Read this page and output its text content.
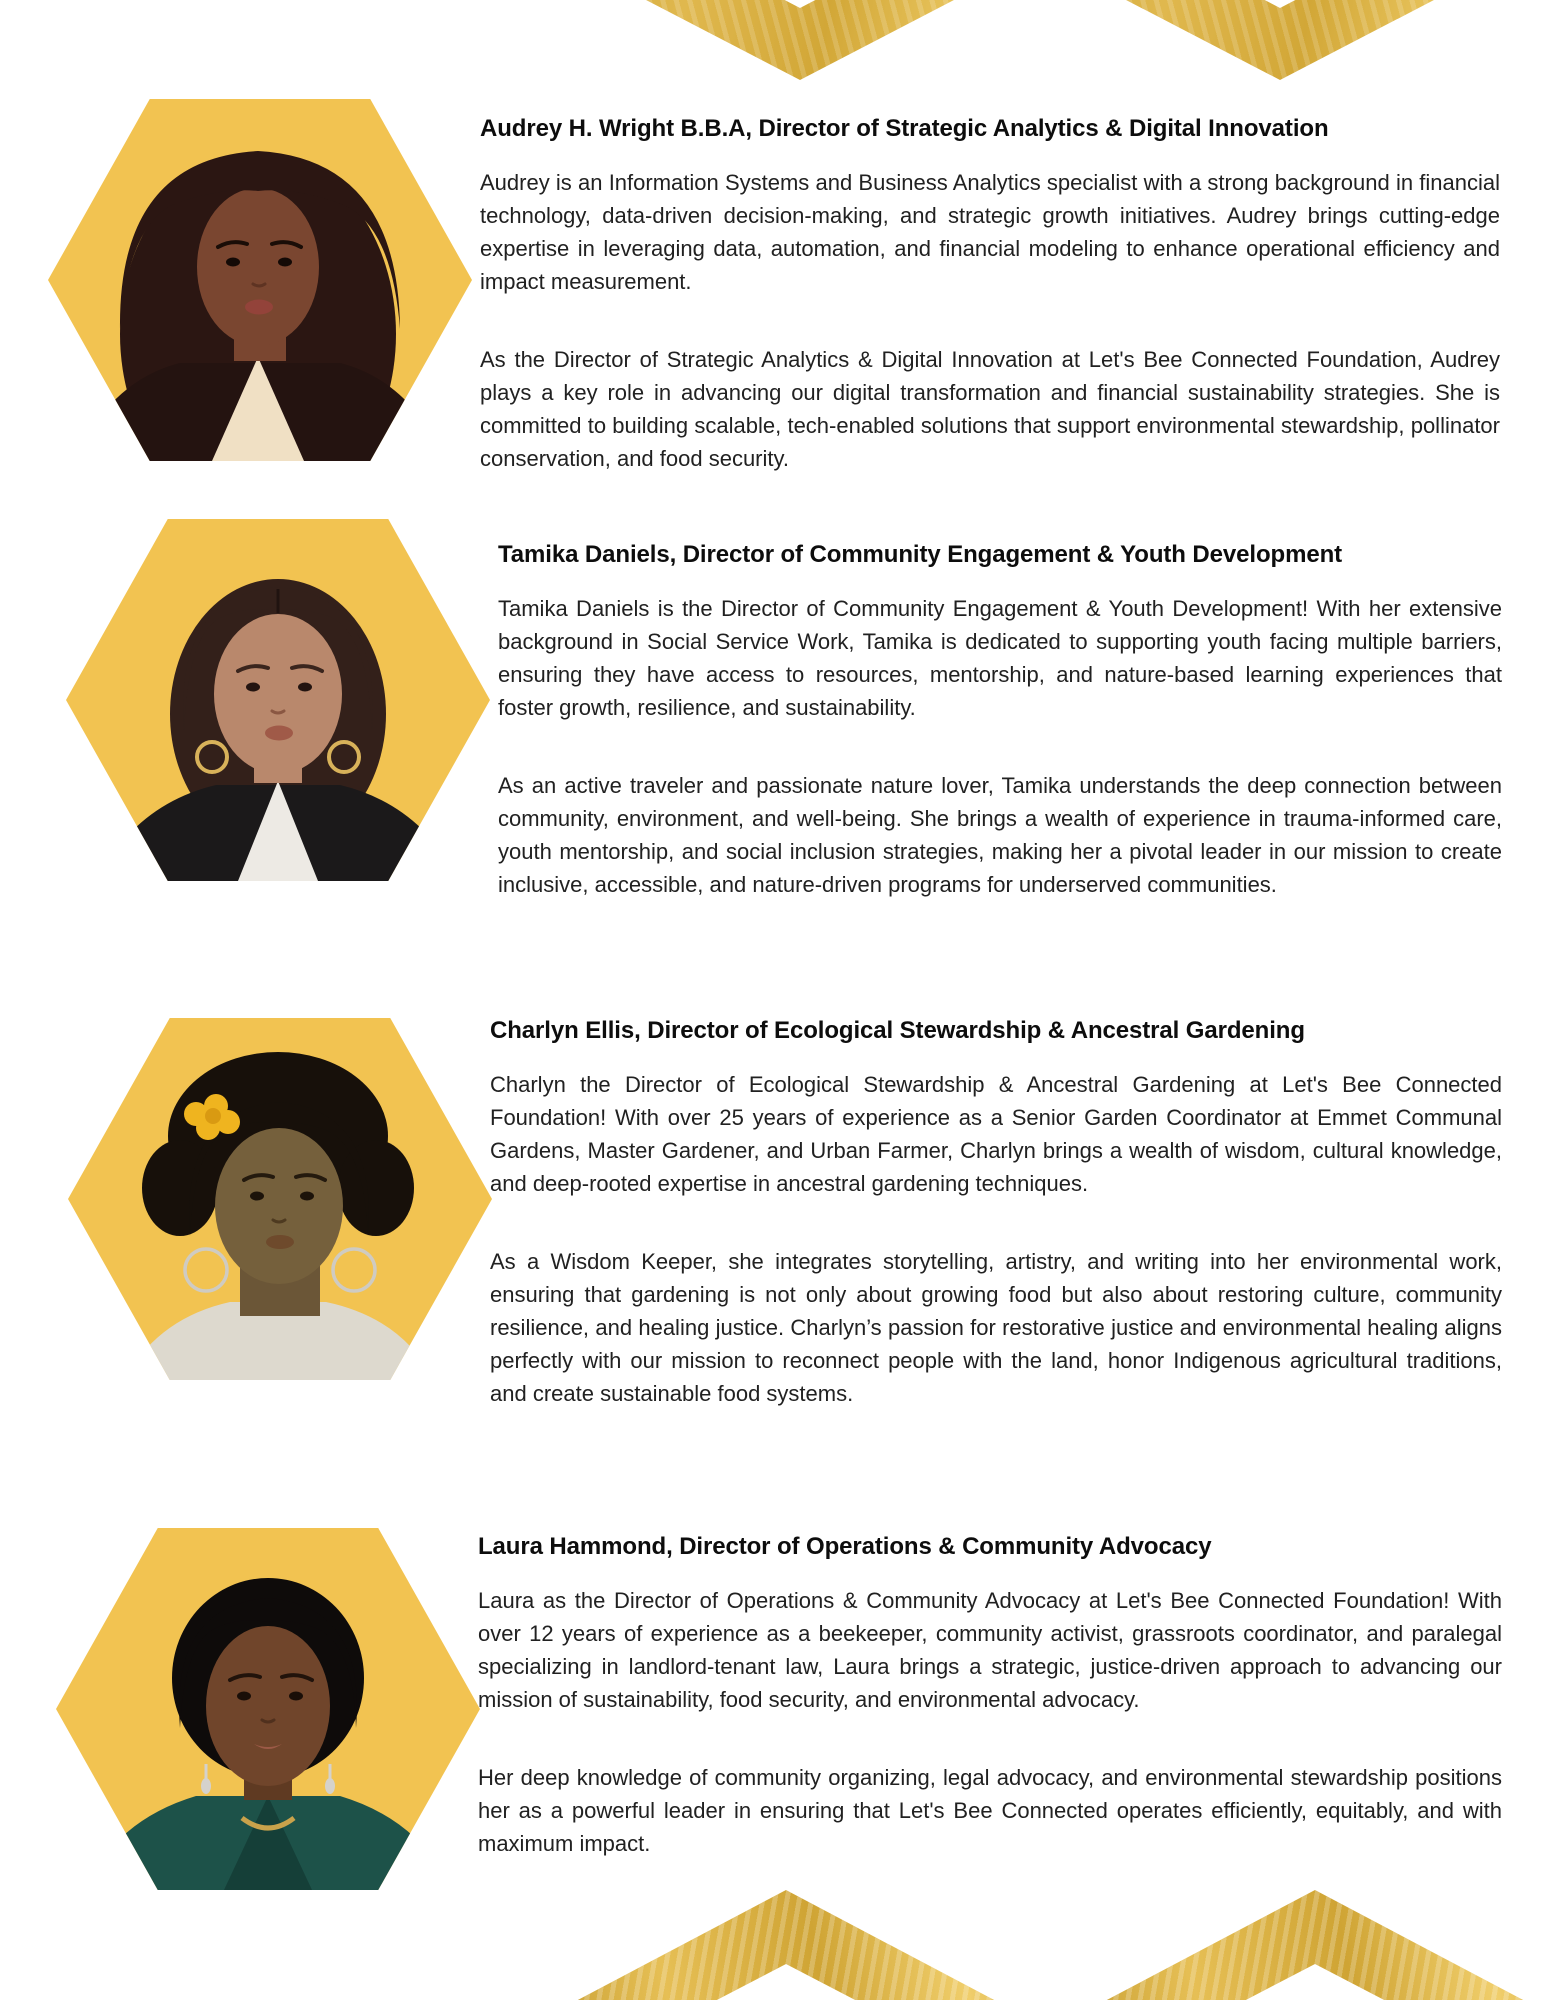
Audrey H. Wright B.B.A, Director of Strategic Analytics & Digital Innovation

Audrey is an Information Systems and Business Analytics specialist with a strong background in financial technology, data-driven decision-making, and strategic growth initiatives. Audrey brings cutting-edge expertise in leveraging data, automation, and financial modeling to enhance operational efficiency and impact measurement.

As the Director of Strategic Analytics & Digital Innovation at Let's Bee Connected Foundation, Audrey plays a key role in advancing our digital transformation and financial sustainability strategies. She is committed to building scalable, tech-enabled solutions that support environmental stewardship, pollinator conservation, and food security.

Tamika Daniels, Director of Community Engagement & Youth Development

Tamika Daniels is the Director of Community Engagement & Youth Development! With her extensive background in Social Service Work, Tamika is dedicated to supporting youth facing multiple barriers, ensuring they have access to resources, mentorship, and nature-based learning experiences that foster growth, resilience, and sustainability.

As an active traveler and passionate nature lover, Tamika understands the deep connection between community, environment, and well-being. She brings a wealth of experience in trauma-informed care, youth mentorship, and social inclusion strategies, making her a pivotal leader in our mission to create inclusive, accessible, and nature-driven programs for underserved communities.

Charlyn Ellis, Director of Ecological Stewardship & Ancestral Gardening

Charlyn the Director of Ecological Stewardship & Ancestral Gardening at Let's Bee Connected Foundation! With over 25 years of experience as a Senior Garden Coordinator at Emmet Communal Gardens, Master Gardener, and Urban Farmer, Charlyn brings a wealth of wisdom, cultural knowledge, and deep-rooted expertise in ancestral gardening techniques.

As a Wisdom Keeper, she integrates storytelling, artistry, and writing into her environmental work, ensuring that gardening is not only about growing food but also about restoring culture, community resilience, and healing justice. Charlyn’s passion for restorative justice and environmental healing aligns perfectly with our mission to reconnect people with the land, honor Indigenous agricultural traditions, and create sustainable food systems.

Laura Hammond, Director of Operations & Community Advocacy

Laura as the Director of Operations & Community Advocacy at Let's Bee Connected Foundation! With over 12 years of experience as a beekeeper, community activist, grassroots coordinator, and paralegal specializing in landlord-tenant law, Laura brings a strategic, justice-driven approach to advancing our mission of sustainability, food security, and environmental advocacy.

Her deep knowledge of community organizing, legal advocacy, and environmental stewardship positions her as a powerful leader in ensuring that Let's Bee Connected operates efficiently, equitably, and with maximum impact.
